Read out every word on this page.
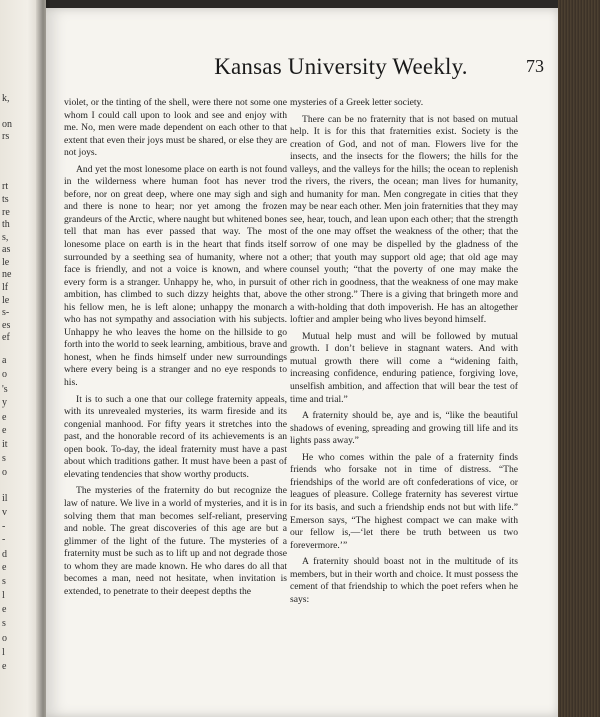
k,
on
rs
rt
ts
re
th
s,
as
le
ne
lf
le
s-
es
ef
a
o
's
y
e
e
it
s
o
il
v
-
-
d
e
s
l
e
s
o
l
e
Kansas University Weekly.	73

violet, or the tinting of the shell, were there not some one whom I could call upon to look and see and enjoy with me. No, men were made dependent on each other to that extent that even their joys must be shared, or else they are not joys.

And yet the most lonesome place on earth is not found in the wilderness where human foot has never trod before, nor on great deep, where one may sigh and sigh and there is none to hear; nor yet among the frozen grandeurs of the Arctic, where naught but whitened bones tell that man has ever passed that way. The most lonesome place on earth is in the heart that finds itself surrounded by a seething sea of humanity, where not a face is friendly, and not a voice is known, and where every form is a stranger. Unhappy he, who, in pursuit of ambition, has climbed to such dizzy heights that, above his fellow men, he is left alone; unhappy the monarch who has not sympathy and association with his subjects. Unhappy he who leaves the home on the hillside to go forth into the world to seek learning, ambitious, brave and honest, when he finds himself under new surroundings where every being is a stranger and no eye responds to his.

It is to such a one that our college fraternity appeals, with its unrevealed mysteries, its warm fireside and its congenial manhood. For fifty years it stretches into the past, and the honorable record of its achievements is an open book. To-day, the ideal fraternity must have a past about which traditions gather. It must have been a past of elevating tendencies that show worthy products.

The mysteries of the fraternity do but recognize the law of nature. We live in a world of mysteries, and it is in solving them that man becomes self-reliant, preserving and noble. The great discoveries of this age are but a glimmer of the light of the future. The mysteries of a fraternity must be such as to lift up and not degrade those to whom they are made known. He who dares do all that becomes a man, need not hesitate, when invitation is extended, to penetrate to their deepest depths the

mysteries of a Greek letter society.

There can be no fraternity that is not based on mutual help. It is for this that fraternities exist. Society is the creation of God, and not of man. Flowers live for the insects, and the insects for the flowers; the hills for the valleys, and the valleys for the hills; the ocean to replenish the rivers, the rivers, the ocean; man lives for humanity, and humanity for man. Men congregate in cities that they may be near each other. Men join fraternities that they may see, hear, touch, and lean upon each other; that the strength of the one may offset the weakness of the other; that the sorrow of one may be dispelled by the gladness of the other; that youth may support old age; that old age may counsel youth; “that the poverty of one may make the other rich in goodness, that the weakness of one may make the other strong.” There is a giving that bringeth more and a with-holding that doth impoverish. He has an altogether loftier and ampler being who lives beyond himself.

Mutual help must and will be followed by mutual growth. I don’t believe in stagnant waters. And with mutual growth there will come a “widening faith, increasing confidence, enduring patience, forgiving love, unselfish ambition, and affection that will bear the test of time and trial.”

A fraternity should be, aye and is, “like the beautiful shadows of evening, spreading and growing till life and its lights pass away.”

He who comes within the pale of a fraternity finds friends who forsake not in time of distress. “The friendships of the world are oft confederations of vice, or leagues of pleasure. College fraternity has severest virtue for its basis, and such a friendship ends not but with life.” Emerson says, “The highest compact we can make with our fellow is,—‘let there be truth between us two forevermore.’”

A fraternity should boast not in the multitude of its members, but in their worth and choice. It must possess the cement of that friendship to which the poet refers when he says:
